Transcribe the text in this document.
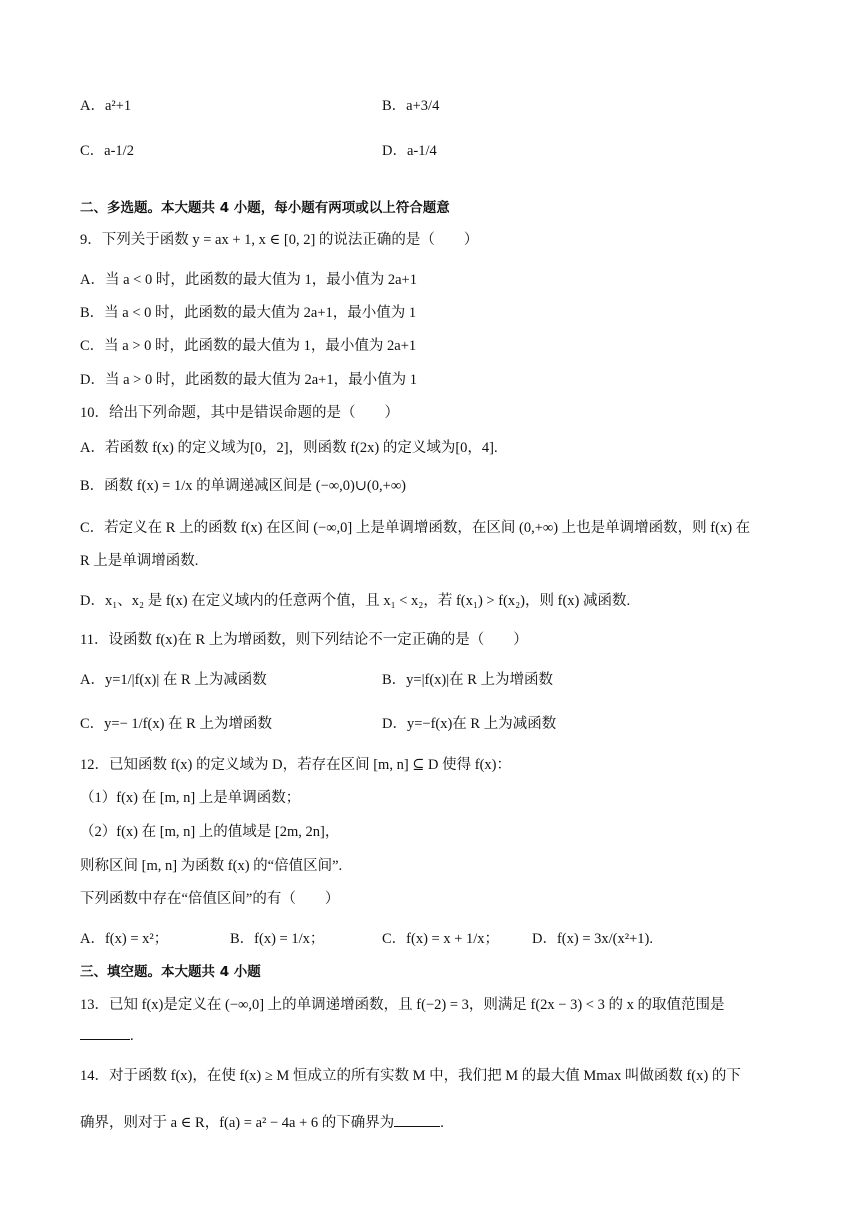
A．a²+1	B．a+3/4
C．a-1/2	D．a-1/4
二、多选题。本大题共 4 小题，每小题有两项或以上符合题意
9．下列关于函数 y = ax + 1, x ∈ [0, 2] 的说法正确的是（　　）
A．当 a < 0 时，此函数的最大值为 1，最小值为 2a+1
B．当 a < 0 时，此函数的最大值为 2a+1，最小值为 1
C．当 a > 0 时，此函数的最大值为 1，最小值为 2a+1
D．当 a > 0 时，此函数的最大值为 2a+1，最小值为 1
10．给出下列命题，其中是错误命题的是（　　）
A．若函数 f(x) 的定义域为[0，2]，则函数 f(2x) 的定义域为[0，4].
B．函数 f(x) = 1/x 的单调递减区间是 (−∞,0)∪(0,+∞)
C．若定义在 R 上的函数 f(x) 在区间 (−∞,0] 上是单调增函数，在区间 (0,+∞) 上也是单调增函数，则 f(x) 在
R 上是单调增函数.
D．x₁、x₂ 是 f(x) 在定义域内的任意两个值，且 x₁ < x₂，若 f(x₁) > f(x₂)，则 f(x) 减函数.
11．设函数 f(x)在 R 上为增函数，则下列结论不一定正确的是（　　）
A．y=1/|f(x)| 在 R 上为减函数	B．y=|f(x)|在 R 上为增函数
C．y=− 1/f(x) 在 R 上为增函数	D．y=−f(x)在 R 上为减函数
12．已知函数 f(x) 的定义域为 D，若存在区间 [m, n] ⊆ D 使得 f(x)：
（1）f(x) 在 [m, n] 上是单调函数；
（2）f(x) 在 [m, n] 上的值域是 [2m, 2n]，
则称区间 [m, n] 为函数 f(x) 的“倍值区间”.
下列函数中存在“倍值区间”的有（　　）
A．f(x) = x²；	B．f(x) = 1/x；	C．f(x) = x + 1/x； D．f(x) = 3x/(x²+1).
三、填空题。本大题共 4 小题
13．已知 f(x)是定义在 (−∞,0] 上的单调递增函数，且 f(−2) = 3，则满足 f(2x − 3) < 3 的 x 的取值范围是
.
14．对于函数 f(x)，在使 f(x) ≥ M 恒成立的所有实数 M 中，我们把 M 的最大值 Mmax 叫做函数 f(x) 的下
确界，则对于 a ∈ R，f(a) = a² − 4a + 6 的下确界为	.
